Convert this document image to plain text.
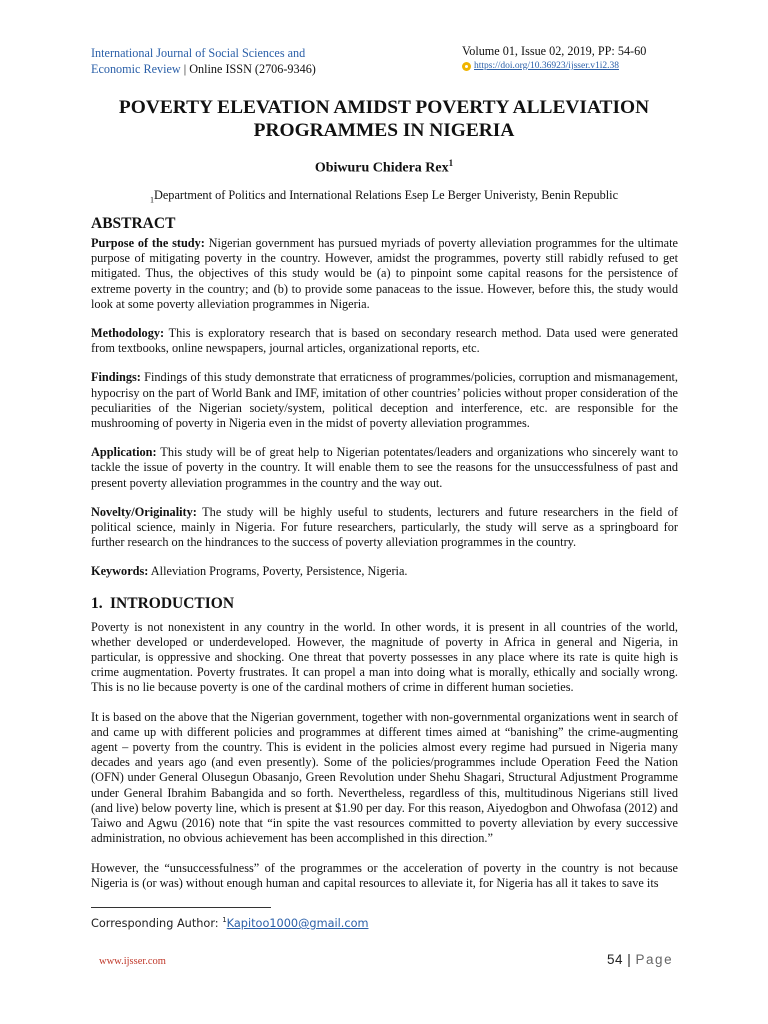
International Journal of Social Sciences and
Economic Review | Online ISSN (2706-9346)
Volume 01, Issue 02, 2019, PP: 54-60
https://doi.org/10.36923/ijsser.v1i2.38
POVERTY ELEVATION AMIDST POVERTY ALLEVIATION PROGRAMMES IN NIGERIA
Obiwuru Chidera Rex$^1$
$_1$Department of Politics and International Relations Esep Le Berger Univeristy, Benin Republic
ABSTRACT

Purpose of the study: Nigerian government has pursued myriads of poverty alleviation programmes for the ultimate purpose of mitigating poverty in the country. However, amidst the programmes, poverty still rabidly refused to get mitigated. Thus, the objectives of this study would be (a) to pinpoint some capital reasons for the persistence of extreme poverty in the country; and (b) to provide some panaceas to the issue. However, before this, the study would look at some poverty alleviation programmes in Nigeria.

Methodology: This is exploratory research that is based on secondary research method. Data used were generated from textbooks, online newspapers, journal articles, organizational reports, etc.

Findings: Findings of this study demonstrate that erraticness of programmes/policies, corruption and mismanagement, hypocrisy on the part of World Bank and IMF, imitation of other countries’ policies without proper consideration of the peculiarities of the Nigerian society/system, political deception and interference, etc. are responsible for the mushrooming of poverty in Nigeria even in the midst of poverty alleviation programmes.

Application: This study will be of great help to Nigerian potentates/leaders and organizations who sincerely want to tackle the issue of poverty in the country. It will enable them to see the reasons for the unsuccessfulness of past and present poverty alleviation programmes in the country and the way out.

Novelty/Originality: The study will be highly useful to students, lecturers and future researchers in the field of political science, mainly in Nigeria. For future researchers, particularly, the study will serve as a springboard for further research on the hindrances to the success of poverty alleviation programmes in the country.

Keywords: Alleviation Programs, Poverty, Persistence, Nigeria.

1. INTRODUCTION

Poverty is not nonexistent in any country in the world. In other words, it is present in all countries of the world, whether developed or underdeveloped. However, the magnitude of poverty in Africa in general and Nigeria, in particular, is oppressive and shocking. One threat that poverty possesses in any place where its rate is quite high is crime augmentation. Poverty frustrates. It can propel a man into doing what is morally, ethically and socially wrong. This is no lie because poverty is one of the cardinal mothers of crime in different human societies.

It is based on the above that the Nigerian government, together with non-governmental organizations went in search of and came up with different policies and programmes at different times aimed at “banishing” the crime-augmenting agent – poverty from the country. This is evident in the policies almost every regime had pursued in Nigeria many decades and years ago (and even presently). Some of the policies/programmes include Operation Feed the Nation (OFN) under General Olusegun Obasanjo, Green Revolution under Shehu Shagari, Structural Adjustment Programme under General Ibrahim Babangida and so forth. Nevertheless, regardless of this, multitudinous Nigerians still lived (and live) below poverty line, which is present at $1.90 per day. For this reason, Aiyedogbon and Ohwofasa (2012) and Taiwo and Agwu (2016) note that “in spite the vast resources committed to poverty alleviation by every successive administration, no obvious achievement has been accomplished in this direction.”

However, the “unsuccessfulness” of the programmes or the acceleration of poverty in the country is not because Nigeria is (or was) without enough human and capital resources to alleviate it, for Nigeria has all it takes to save its

Corresponding Author: $^1$Kapitoo1000@gmail.com
www.ijsser.com	54 | Page
